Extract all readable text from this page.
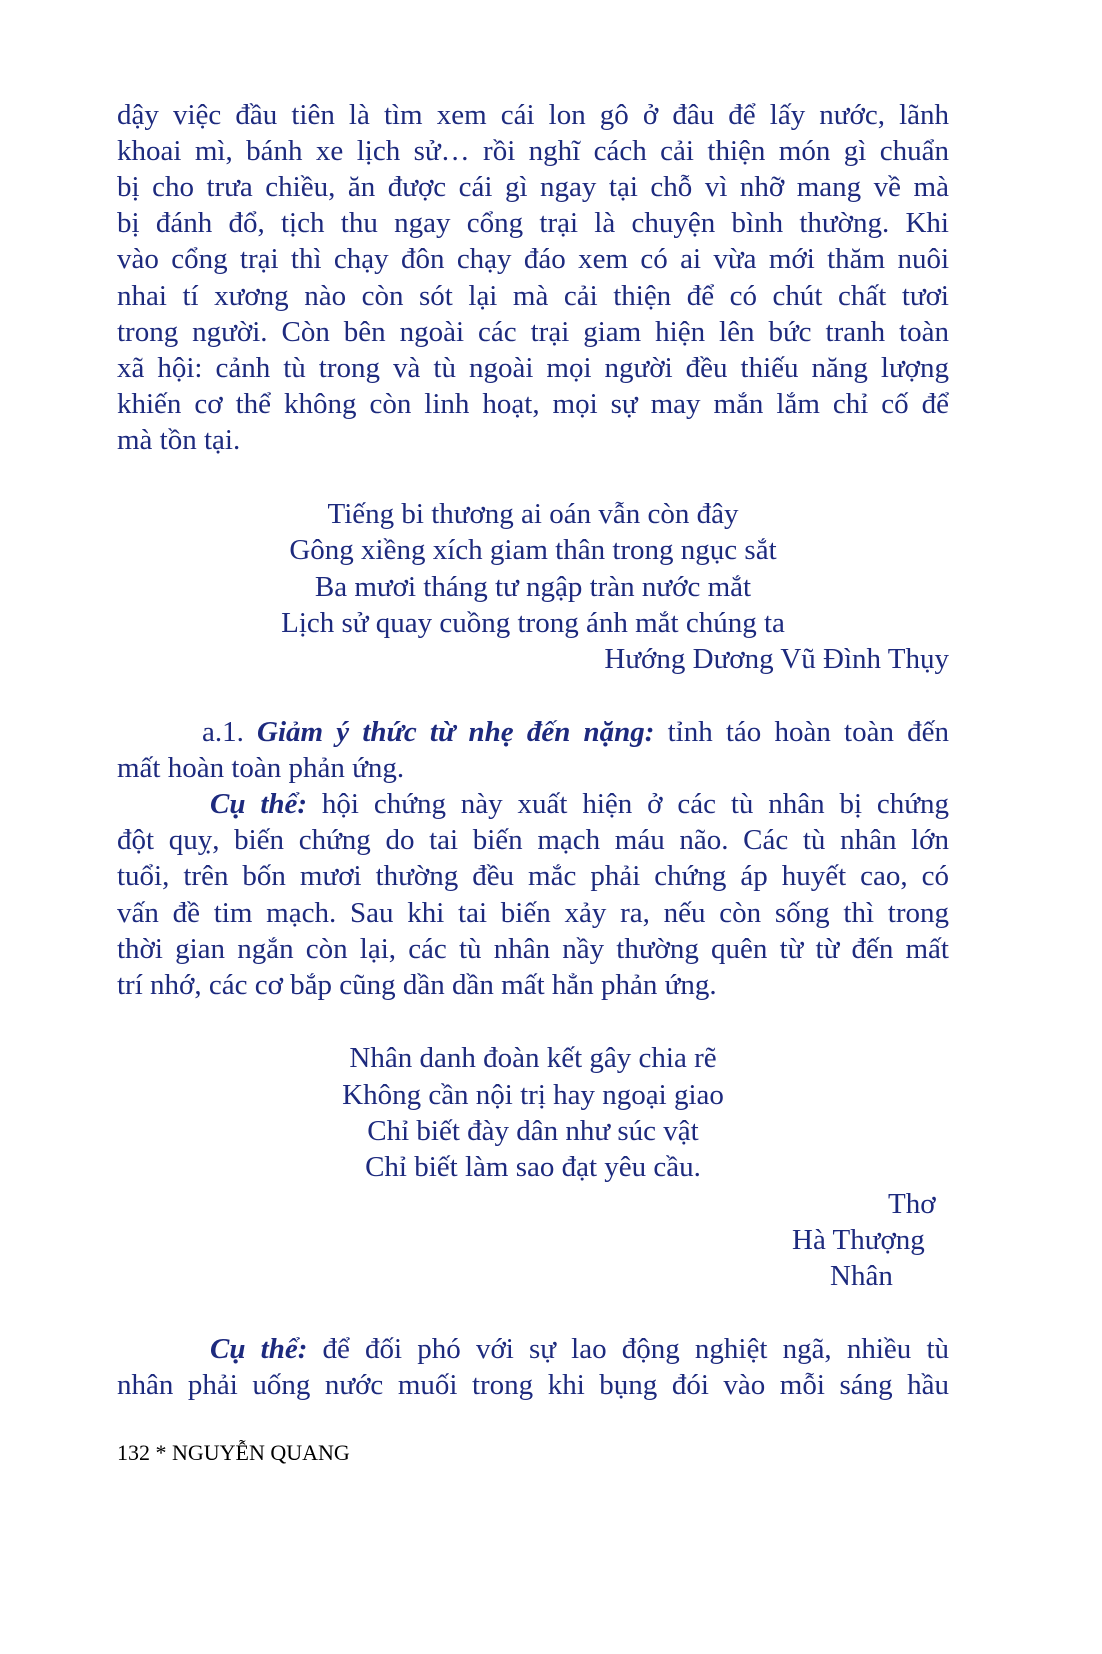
dậy việc đầu tiên là tìm xem cái lon gô ở đâu để lấy nước, lãnh
khoai mì, bánh xe lịch sử… rồi nghĩ cách cải thiện món gì chuẩn
bị cho trưa chiều, ăn được cái gì ngay tại chỗ vì nhỡ mang về mà
bị đánh đổ, tịch thu ngay cổng trại là chuyện bình thường. Khi
vào cổng trại thì chạy đôn chạy đáo xem có ai vừa mới thăm nuôi
nhai tí xương nào còn sót lại mà cải thiện để có chút chất tươi
trong người. Còn bên ngoài các trại giam hiện lên bức tranh toàn
xã hội: cảnh tù trong và tù ngoài mọi người đều thiếu năng lượng
khiến cơ thể không còn linh hoạt, mọi sự may mắn lắm chỉ cố để
mà tồn tại.
Tiếng bi thương ai oán vẫn còn đây
Gông xiềng xích giam thân trong ngục sắt
Ba mươi tháng tư ngập tràn nước mắt
Lịch sử quay cuồng trong ánh mắt chúng ta
Hướng Dương Vũ Đình Thụy
a.1. Giảm ý thức từ nhẹ đến nặng: tỉnh táo hoàn toàn đến
mất hoàn toàn phản ứng.
Cụ thể: hội chứng này xuất hiện ở các tù nhân bị chứng
đột quỵ, biến chứng do tai biến mạch máu não. Các tù nhân lớn
tuổi, trên bốn mươi thường đều mắc phải chứng áp huyết cao, có
vấn đề tim mạch. Sau khi tai biến xảy ra, nếu còn sống thì trong
thời gian ngắn còn lại, các tù nhân nầy thường quên từ từ đến mất
trí nhớ, các cơ bắp cũng dần dần mất hẳn phản ứng.
Nhân danh đoàn kết gây chia rẽ
Không cần nội trị hay ngoại giao
Chỉ biết đày dân như súc vật
Chỉ biết làm sao đạt yêu cầu.
Thơ
Hà Thượng
Nhân
Cụ thể: để đối phó với sự lao động nghiệt ngã, nhiều tù
nhân phải uống nước muối trong khi bụng đói vào mỗi sáng hầu
132 * NGUYỄN QUANG
